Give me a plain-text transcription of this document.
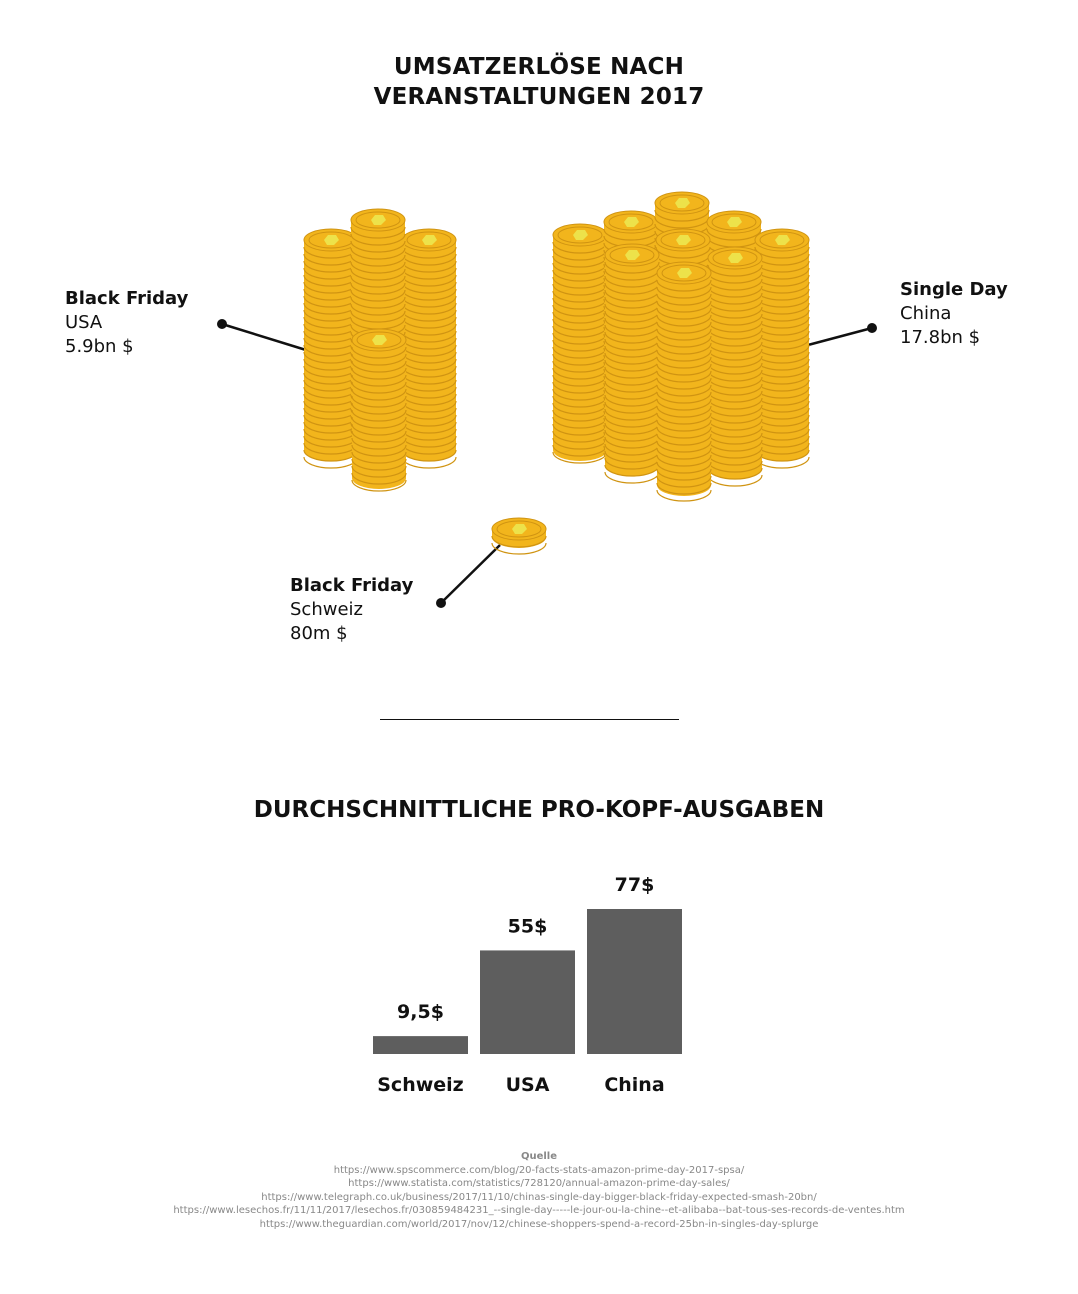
UMSATZERLÖSE NACH
VERANSTALTUNGEN 2017
Black Friday
USA
5.9bn $
Single Day
China
17.8bn $
Black Friday
Schweiz
80m $
DURCHSCHNITTLICHE PRO-KOPF-AUSGABEN
9,5$
Schweiz
55$
USA
77$
China
Quelle
https://www.spscommerce.com/blog/20-facts-stats-amazon-prime-day-2017-spsa/
https://www.statista.com/statistics/728120/annual-amazon-prime-day-sales/
https://www.telegraph.co.uk/business/2017/11/10/chinas-single-day-bigger-black-friday-expected-smash-20bn/
https://www.lesechos.fr/11/11/2017/lesechos.fr/030859484231_--single-day-----le-jour-ou-la-chine--et-alibaba--bat-tous-ses-records-de-ventes.htm
https://www.theguardian.com/world/2017/nov/12/chinese-shoppers-spend-a-record-25bn-in-singles-day-splurge
